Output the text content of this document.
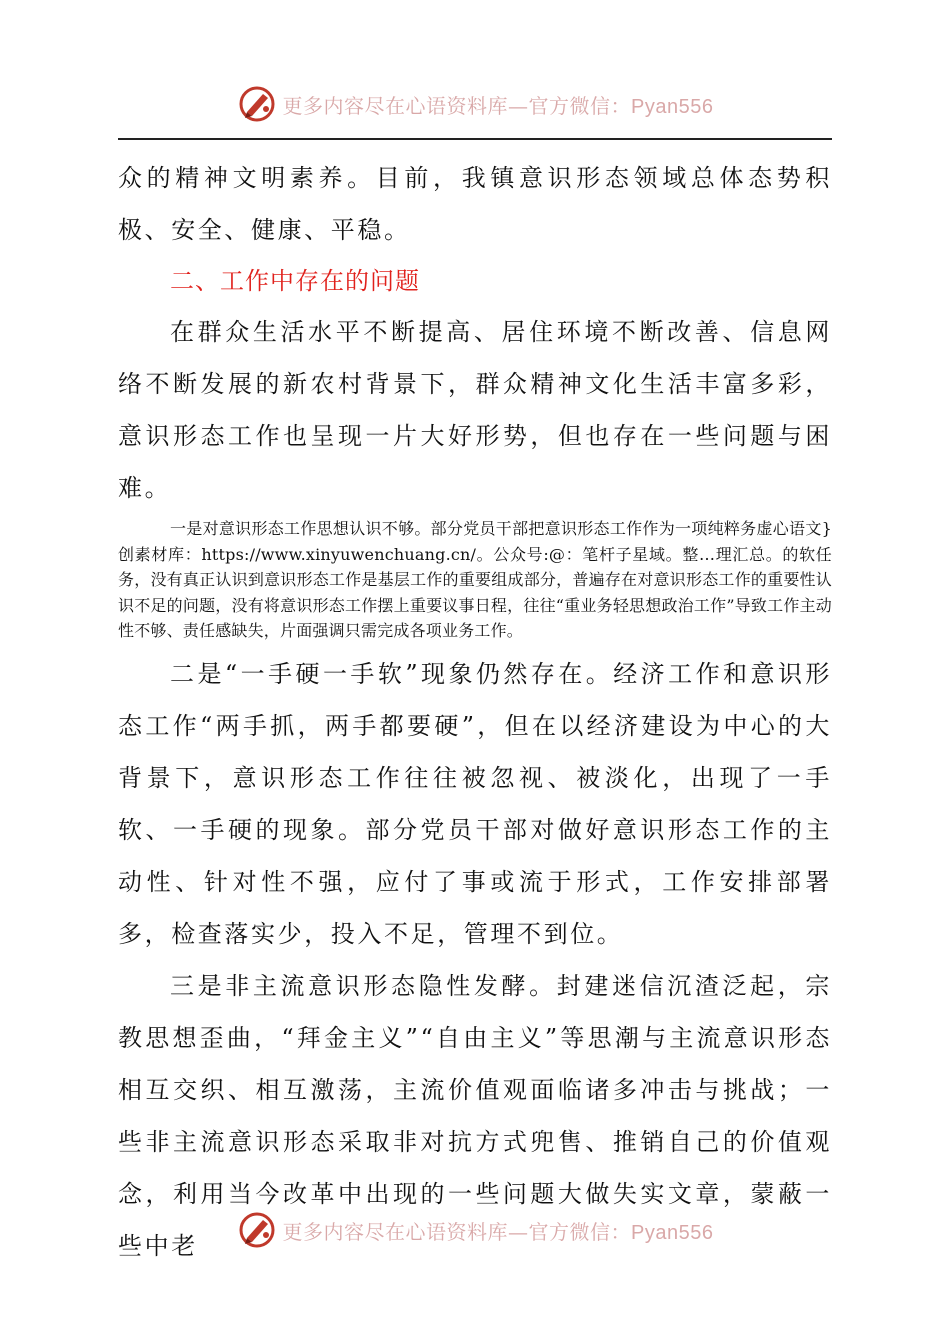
更多内容尽在心语资料库—官方微信：Pyan556

众的精神文明素养。目前，我镇意识形态领域总体态势积极、安全、健康、平稳。

二、工作中存在的问题

在群众生活水平不断提高、居住环境不断改善、信息网络不断发展的新农村背景下，群众精神文化生活丰富多彩，意识形态工作也呈现一片大好形势，但也存在一些问题与困难。

一是对意识形态工作思想认识不够。部分党员干部把意识形态工作作为一项纯粹务虚心语文}创素材库：https://www.xinyuwenchuang.cn/。公众号:@：笔杆子星域。整…理汇总。的软任务，没有真正认识到意识形态工作是基层工作的重要组成部分，普遍存在对意识形态工作的重要性认识不足的问题，没有将意识形态工作摆上重要议事日程，往往“重业务轻思想政治工作”导致工作主动性不够、责任感缺失，片面强调只需完成各项业务工作。

二是“一手硬一手软”现象仍然存在。经济工作和意识形态工作“两手抓，两手都要硬”，但在以经济建设为中心的大背景下，意识形态工作往往被忽视、被淡化，出现了一手软、一手硬的现象。部分党员干部对做好意识形态工作的主动性、针对性不强，应付了事或流于形式，工作安排部署多，检查落实少，投入不足，管理不到位。

三是非主流意识形态隐性发酵。封建迷信沉渣泛起，宗教思想歪曲，“拜金主义”“自由主义”等思潮与主流意识形态相互交织、相互激荡，主流价值观面临诸多冲击与挑战；一些非主流意识形态采取非对抗方式兜售、推销自己的价值观念，利用当今改革中出现的一些问题大做失实文章，蒙蔽一些中老	更多内容尽在心语资料库—官方微信：Pyan556
